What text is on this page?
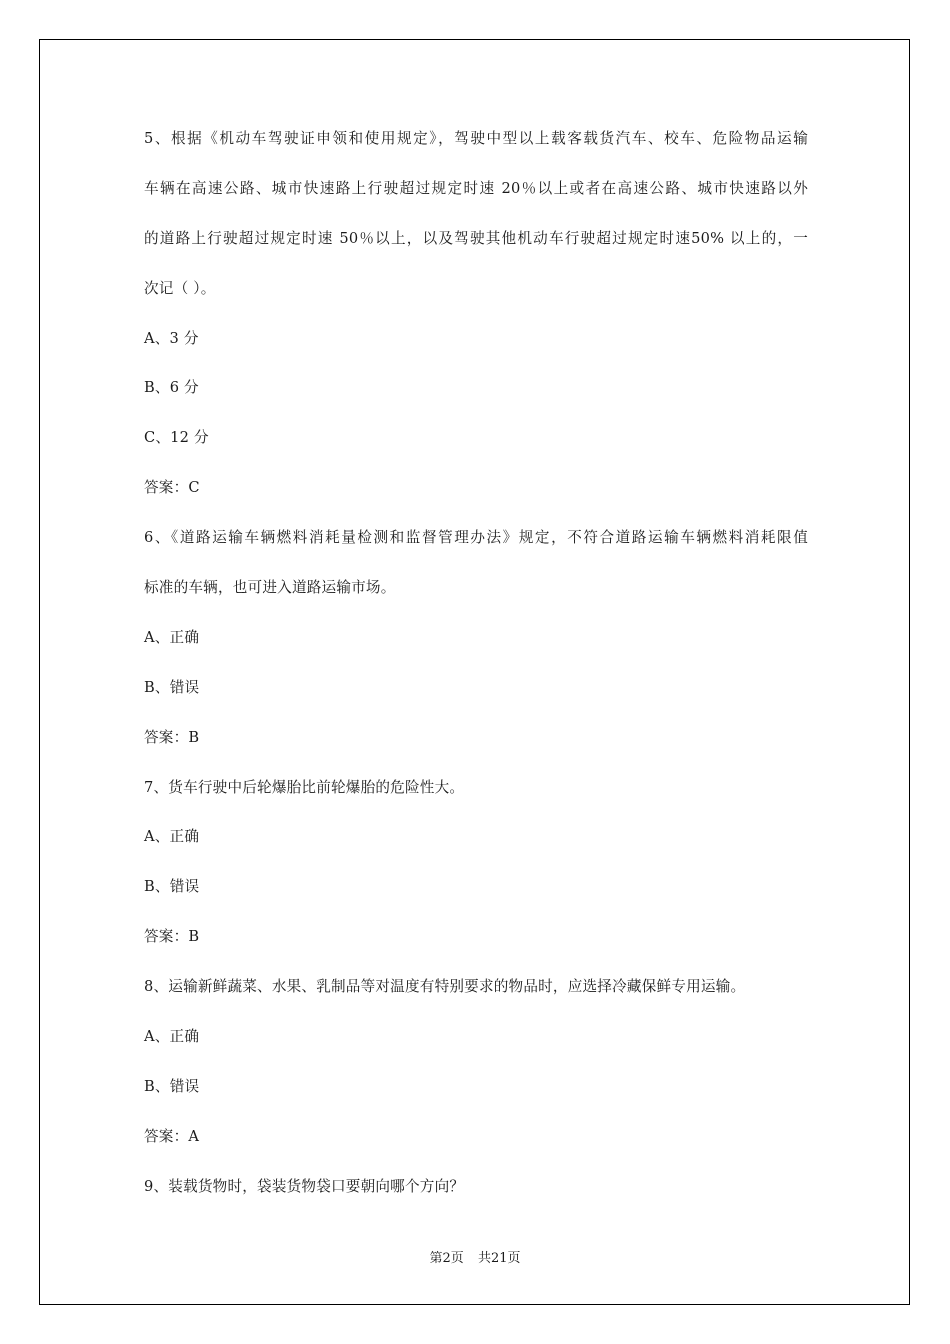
5、根据《机动车驾驶证申领和使用规定》，驾驶中型以上载客载货汽车、校车、危险物品运输
车辆在高速公路、城市快速路上行驶超过规定时速 20％以上或者在高速公路、城市快速路以外
的道路上行驶超过规定时速 50％以上，以及驾驶其他机动车行驶超过规定时速50% 以上的，一
次记（ ）。
A、3 分
B、6 分
C、12 分
答案：C
6、《道路运输车辆燃料消耗量检测和监督管理办法》规定，不符合道路运输车辆燃料消耗限值
标准的车辆，也可进入道路运输市场。
A、正确
B、错误
答案：B
7、货车行驶中后轮爆胎比前轮爆胎的危险性大。
A、正确
B、错误
答案：B
8、运输新鲜蔬菜、水果、乳制品等对温度有特别要求的物品时，应选择冷藏保鲜专用运输。
A、正确
B、错误
答案：A
9、装载货物时，袋装货物袋口要朝向哪个方向？
第2页 共21页
